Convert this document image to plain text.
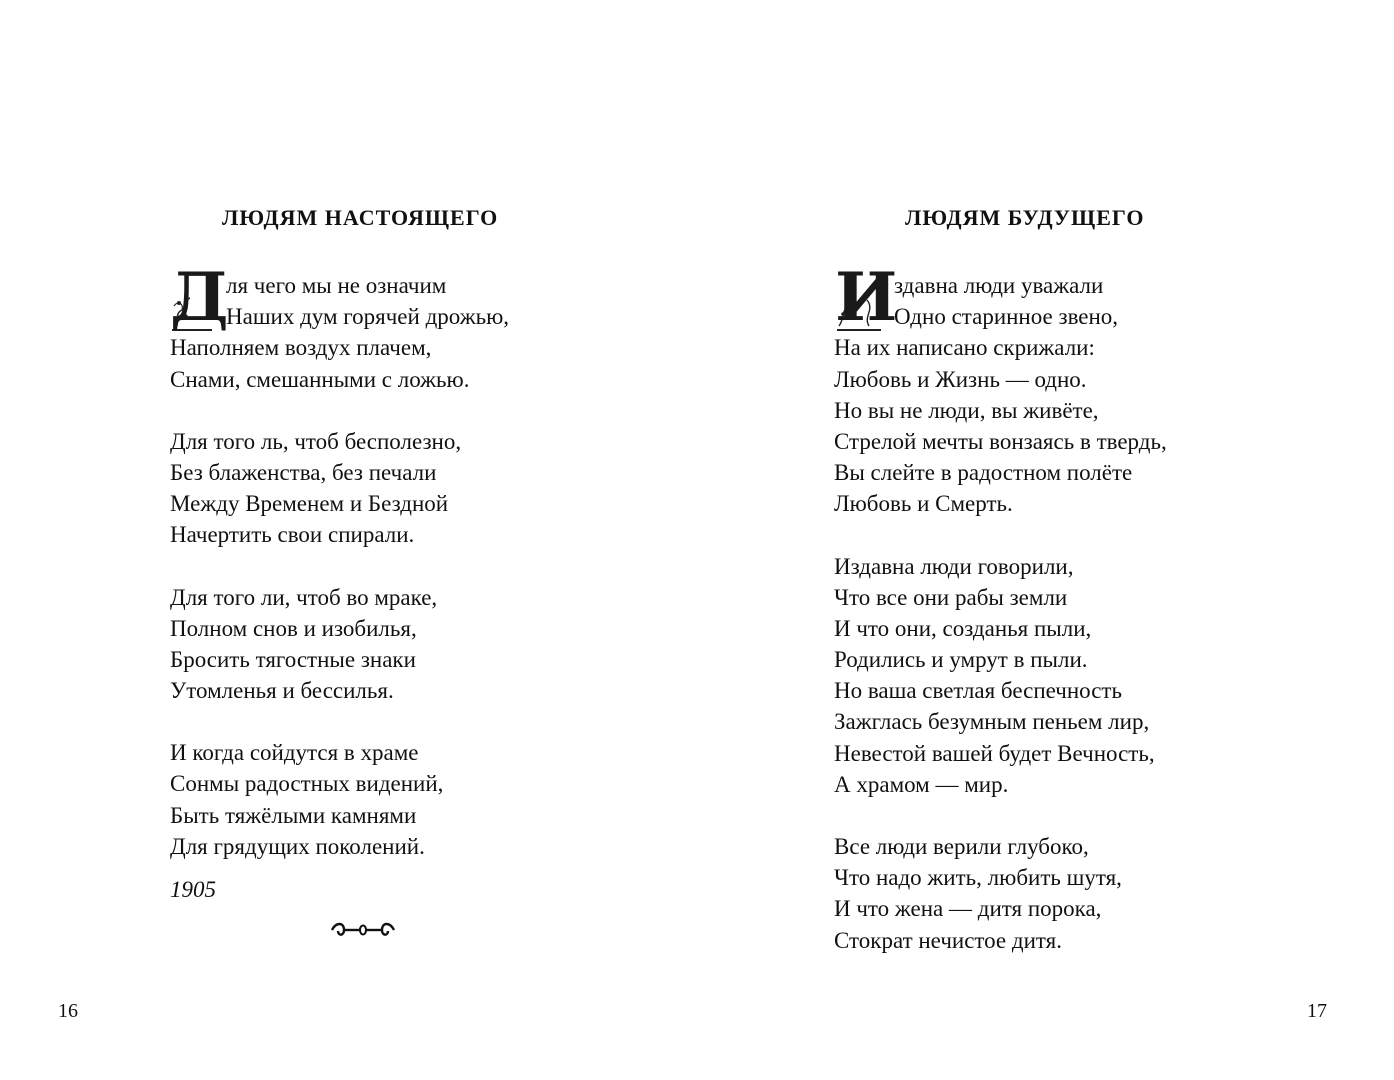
ЛЮДЯМ НАСТОЯЩЕГО
Д
ля чего мы не означим
Наших дум горячей дрожью,
Наполняем воздух плачем,
Снами, смешанными с ложью.
Для того ль, чтоб бесполезно,
Без блаженства, без печали
Между Временем и Бездной
Начертить свои спирали.
Для того ли, чтоб во мраке,
Полном снов и изобилья,
Бросить тягостные знаки
Утомленья и бессилья.
И когда сойдутся в храме
Сонмы радостных видений,
Быть тяжёлыми камнями
Для грядущих поколений.

1905

16

ЛЮДЯМ БУДУЩЕГО
И
здавна люди уважали
Одно старинное звено,
На их написано скрижали:
Любовь и Жизнь — одно.
Но вы не люди, вы живёте,
Стрелой мечты вонзаясь в твердь,
Вы слейте в радостном полёте
Любовь и Смерть.
Издавна люди говорили,
Что все они рабы земли
И что они, созданья пыли,
Родились и умрут в пыли.
Но ваша светлая беспечность
Зажглась безумным пеньем лир,
Невестой вашей будет Вечность,
А храмом — мир.
Все люди верили глубоко,
Что надо жить, любить шутя,
И что жена — дитя порока,
Стократ нечистое дитя.

17
